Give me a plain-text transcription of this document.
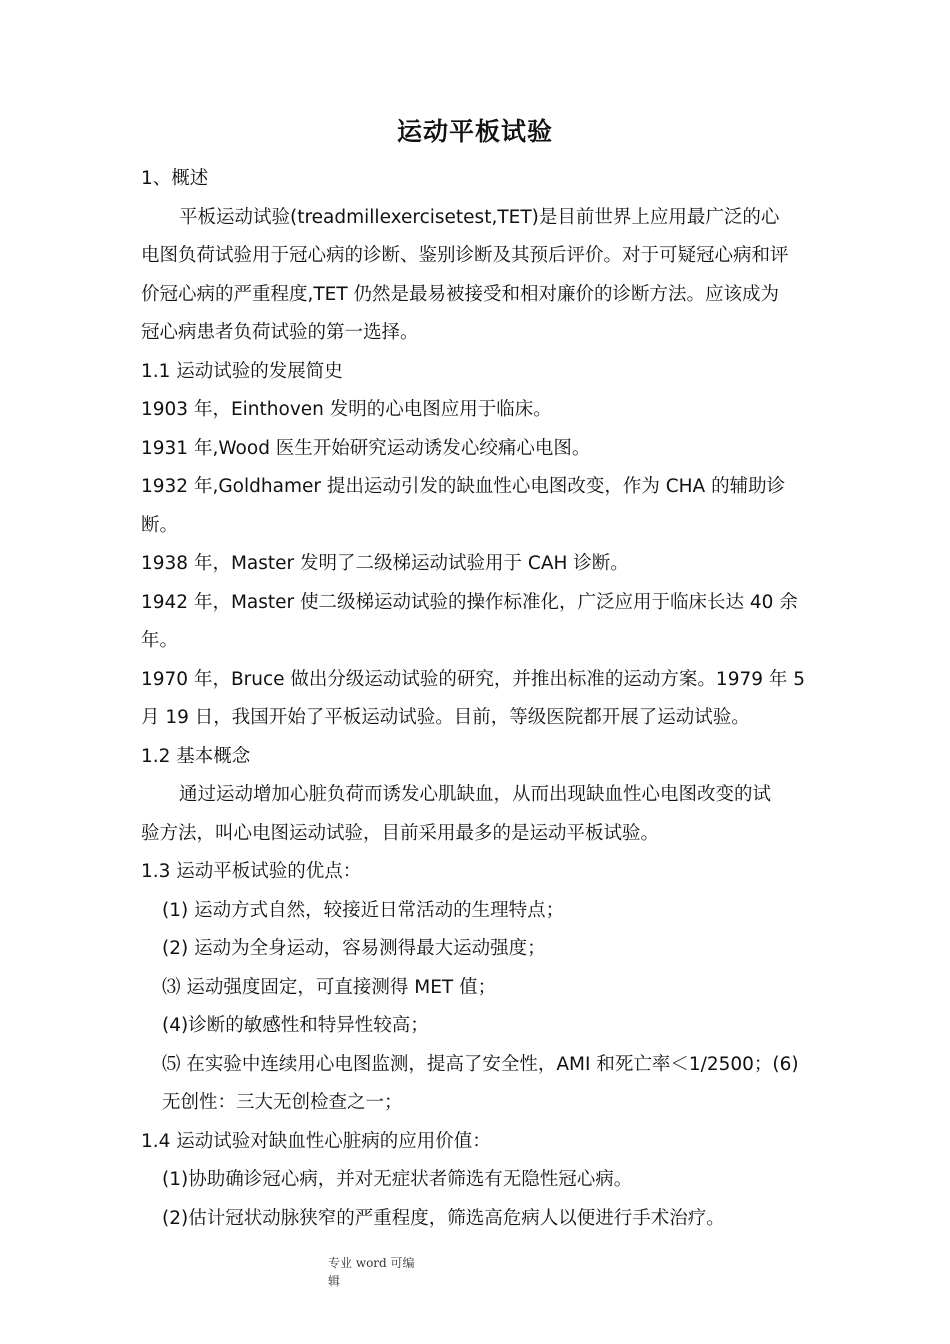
运动平板试验
1、概述
平板运动试验(treadmillexercisetest,TET)是目前世界上应用最广泛的心
电图负荷试验用于冠心病的诊断、鉴别诊断及其预后评价。对于可疑冠心病和评
价冠心病的严重程度,TET 仍然是最易被接受和相对廉价的诊断方法。应该成为
冠心病患者负荷试验的第一选择。
1.1 运动试验的发展简史
1903 年，Einthoven 发明的心电图应用于临床。
1931 年,Wood 医生开始研究运动诱发心绞痛心电图。
1932 年,Goldhamer 提出运动引发的缺血性心电图改变，作为 CHA 的辅助诊
断。
1938 年，Master 发明了二级梯运动试验用于 CAH 诊断。
1942 年，Master 使二级梯运动试验的操作标准化，广泛应用于临床长达 40 余
年。
1970 年，Bruce 做出分级运动试验的研究，并推出标准的运动方案。1979 年 5
月 19 日，我国开始了平板运动试验。目前，等级医院都开展了运动试验。
1.2 基本概念
通过运动增加心脏负荷而诱发心肌缺血，从而出现缺血性心电图改变的试
验方法，叫心电图运动试验，目前采用最多的是运动平板试验。
1.3 运动平板试验的优点：
(1) 运动方式自然，较接近日常活动的生理特点；
(2) 运动为全身运动，容易测得最大运动强度；
⑶ 运动强度固定，可直接测得 MET 值；
(4)诊断的敏感性和特异性较高；
⑸ 在实验中连续用心电图监测，提高了安全性，AMI 和死亡率＜1/2500；(6)
无创性：三大无创检查之一；
1.4 运动试验对缺血性心脏病的应用价值：
(1)协助确诊冠心病，并对无症状者筛选有无隐性冠心病。
(2)估计冠状动脉狭窄的严重程度，筛选高危病人以便进行手术治疗。
专业 word 可编
辑
